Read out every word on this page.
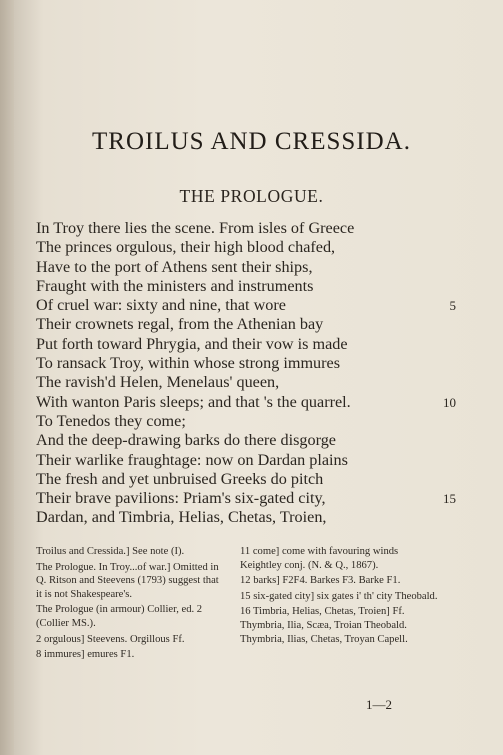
TROILUS AND CRESSIDA.
THE PROLOGUE.
In Troy there lies the scene. From isles of Greece
The princes orgulous, their high blood chafed,
Have to the port of Athens sent their ships,
Fraught with the ministers and instruments
Of cruel war: sixty and nine, that wore	5
Their crownets regal, from the Athenian bay
Put forth toward Phrygia, and their vow is made
To ransack Troy, within whose strong immures
The ravish'd Helen, Menelaus' queen,
With wanton Paris sleeps; and that 's the quarrel.	10
To Tenedos they come;
And the deep-drawing barks do there disgorge
Their warlike fraughtage: now on Dardan plains
The fresh and yet unbruised Greeks do pitch
Their brave pavilions: Priam's six-gated city,	15
Dardan, and Timbria, Helias, Chetas, Troien,
Troilus and Cressida.] See note (I).
The Prologue. In Troy...of war.] Omitted in Q. Ritson and Steevens (1793) suggest that it is not Shakespeare's.
The Prologue (in armour) Collier, ed. 2 (Collier MS.).
2 orgulous] Steevens. Orgillous Ff.
8 immures] emures F1.
11 come] come with favouring winds Keightley conj. (N. & Q., 1867).
12 barks] F2F4. Barkes F3. Barke F1.
15 six-gated city] six gates i' th' city Theobald.
16 Timbria, Helias, Chetas, Troien] Ff. Thymbria, Ilia, Scæa, Troian Theobald. Thymbria, Ilias, Chetas, Troyan Capell.
1—2
